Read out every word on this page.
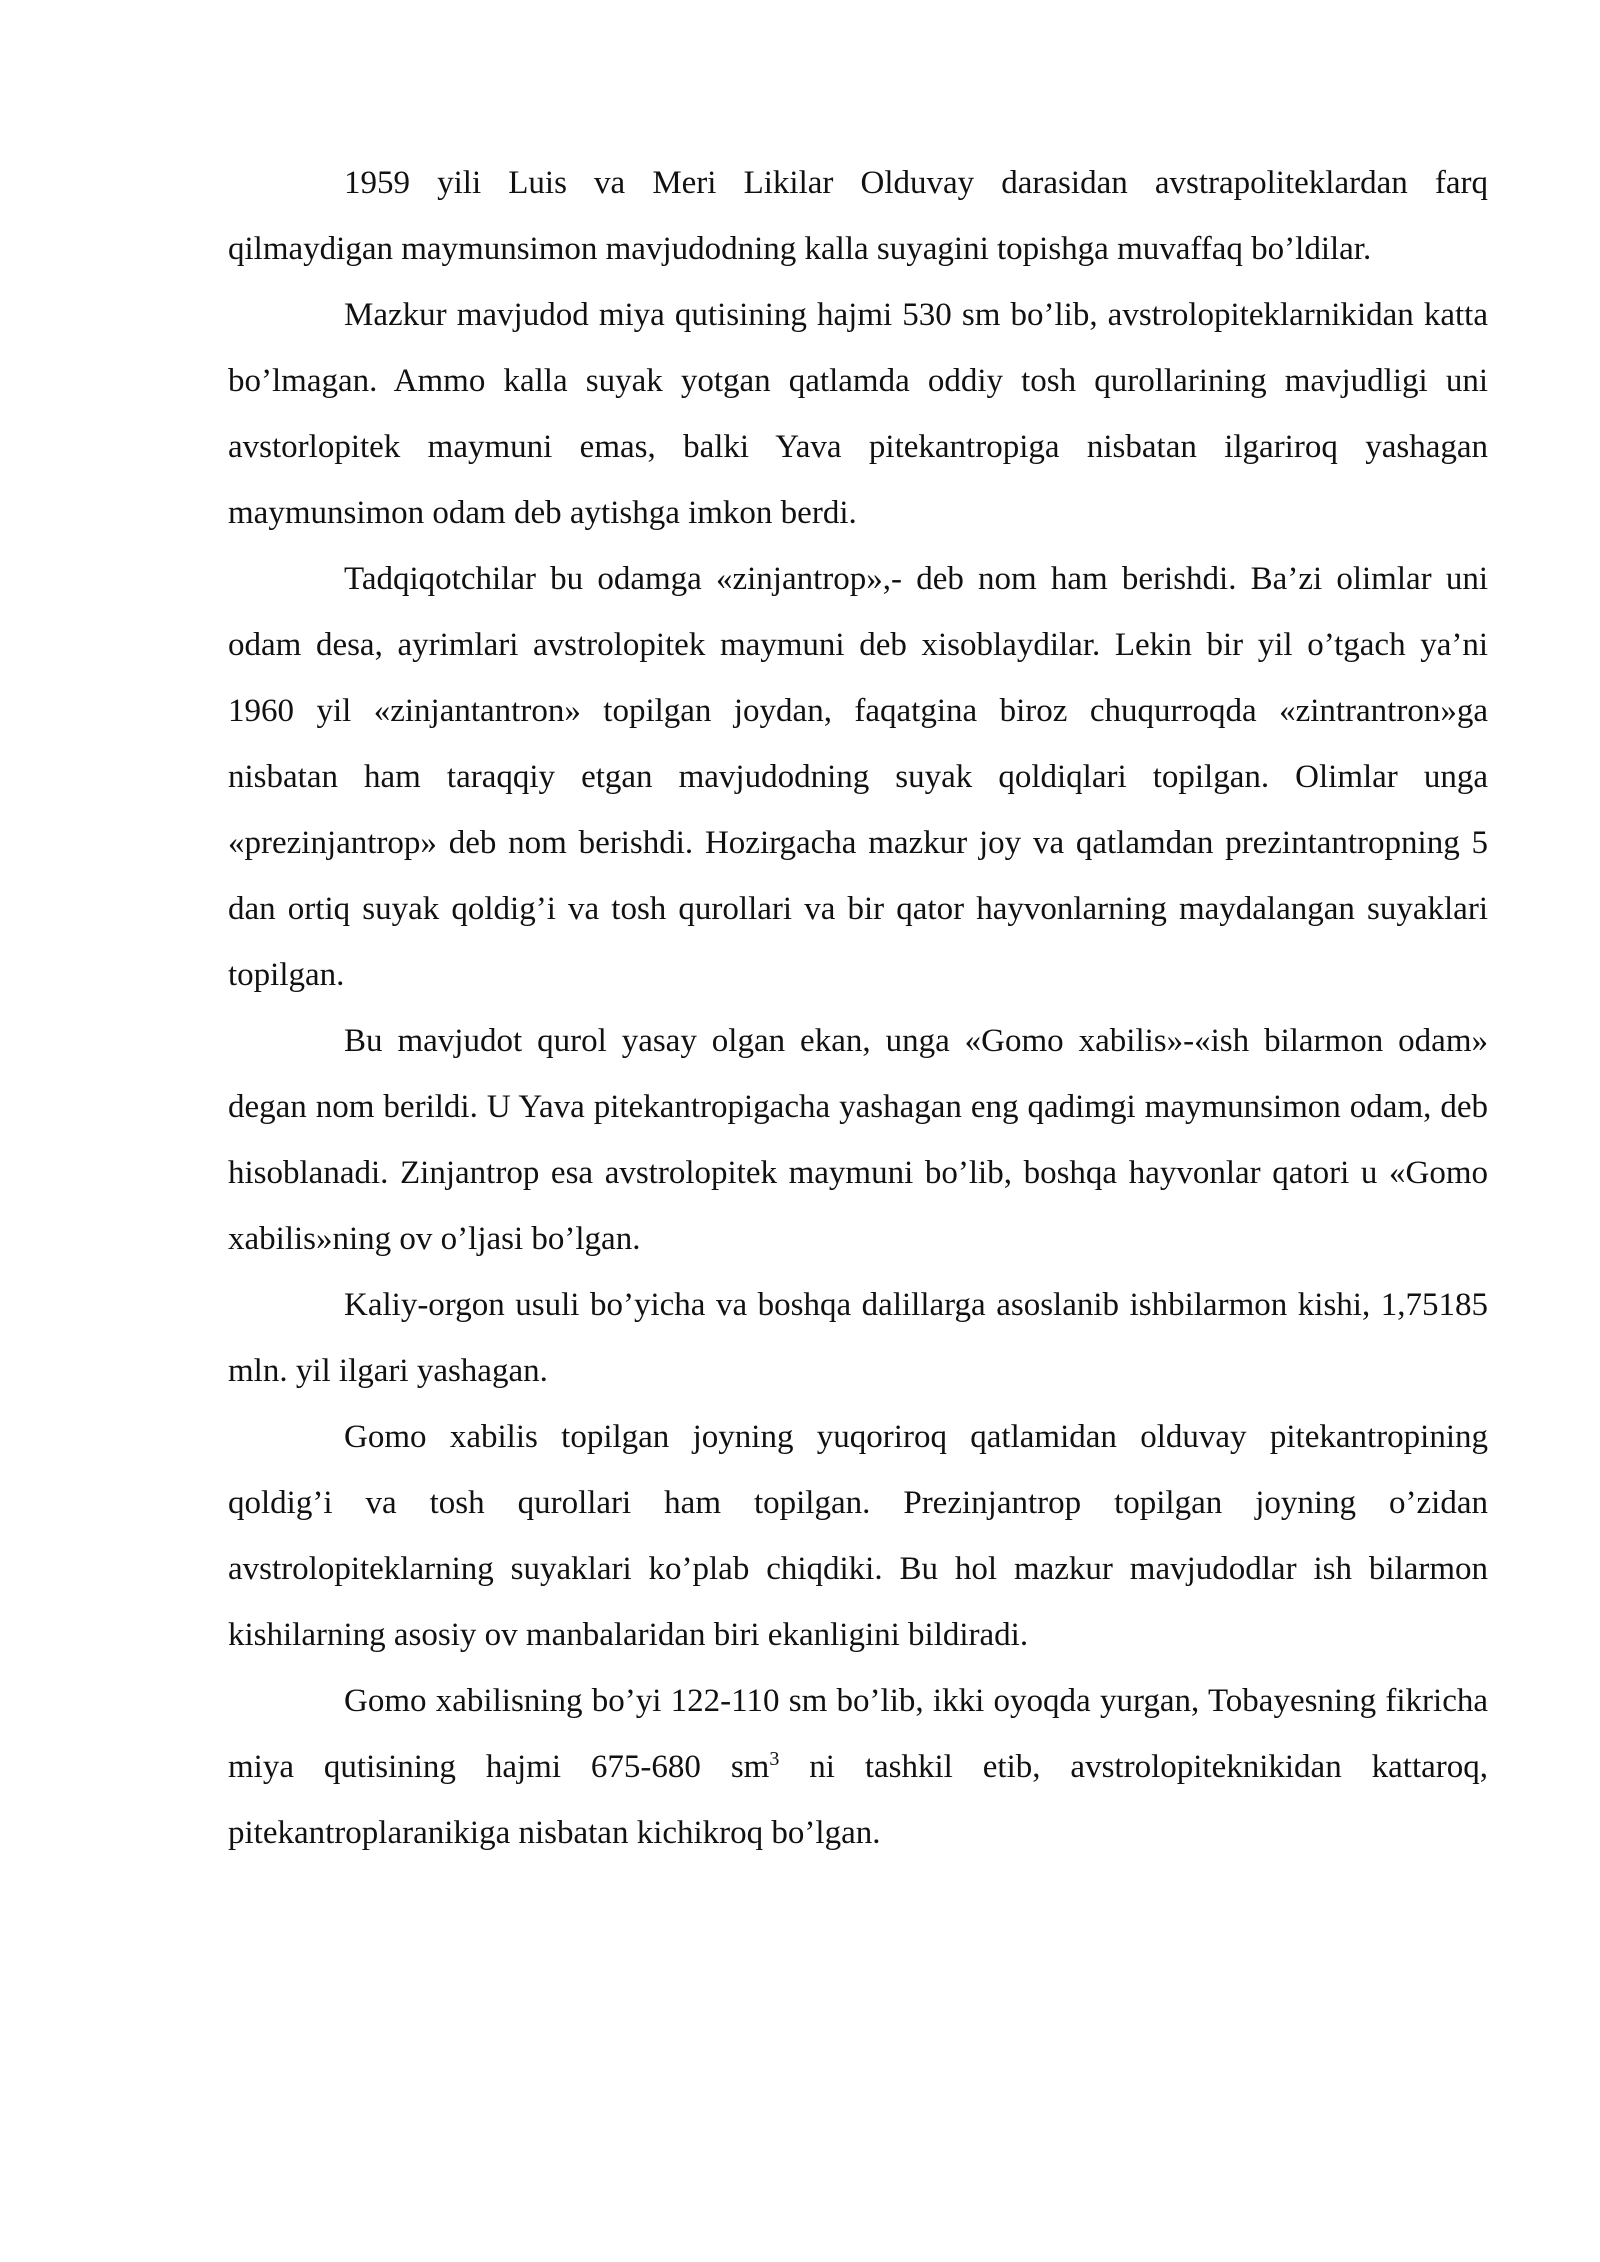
1959 yili Luis va Meri Likilar Olduvay darasidan avstrapoliteklardan farq qilmaydigan maymunsimon mavjudodning kalla suyagini topishga muvaffaq bo’ldilar.

Mazkur mavjudod miya qutisining hajmi 530 sm bo’lib, avstrolopiteklarnikidan katta bo’lmagan. Ammo kalla suyak yotgan qatlamda oddiy tosh qurollarining mavjudligi uni avstorlopitek maymuni emas, balki Yava pitekantropiga nisbatan ilgariroq yashagan maymunsimon odam deb aytishga imkon berdi.

Tadqiqotchilar bu odamga «zinjantrop»,- deb nom ham berishdi. Ba’zi olimlar uni odam desa, ayrimlari avstrolopitek maymuni deb xisoblaydilar. Lekin bir yil o’tgach ya’ni 1960 yil «zinjantantron» topilgan joydan, faqatgina biroz chuqurroqda «zintrantron»ga nisbatan ham taraqqiy etgan mavjudodning suyak qoldiqlari topilgan. Olimlar unga «prezinjantrop» deb nom berishdi. Hozirgacha mazkur joy va qatlamdan prezintantropning 5 dan ortiq suyak qoldig’i va tosh qurollari va bir qator hayvonlarning maydalangan suyaklari topilgan.

Bu mavjudot qurol yasay olgan ekan, unga «Gomo xabilis»-«ish bilarmon odam» degan nom berildi. U Yava pitekantropigacha yashagan eng qadimgi maymunsimon odam, deb hisoblanadi. Zinjantrop esa avstrolopitek maymuni bo’lib, boshqa hayvonlar qatori u «Gomo xabilis»ning ov o’ljasi bo’lgan.

Kaliy-orgon usuli bo’yicha va boshqa dalillarga asoslanib ishbilarmon kishi, 1,75185 mln. yil ilgari yashagan.

Gomo xabilis topilgan joyning yuqoriroq qatlamidan olduvay pitekantropining qoldig’i va tosh qurollari ham topilgan. Prezinjantrop topilgan joyning o’zidan avstrolopiteklarning suyaklari ko’plab chiqdiki. Bu hol mazkur mavjudodlar ish bilarmon kishilarning asosiy ov manbalaridan biri ekanligini bildiradi.

Gomo xabilisning bo’yi 122-110 sm bo’lib, ikki oyoqda yurgan, Tobayesning fikricha miya qutisining hajmi 675-680 $sm^3$ ni tashkil etib, avstrolopiteknikidan kattaroq, pitekantroplaranikiga nisbatan kichikroq bo’lgan.
